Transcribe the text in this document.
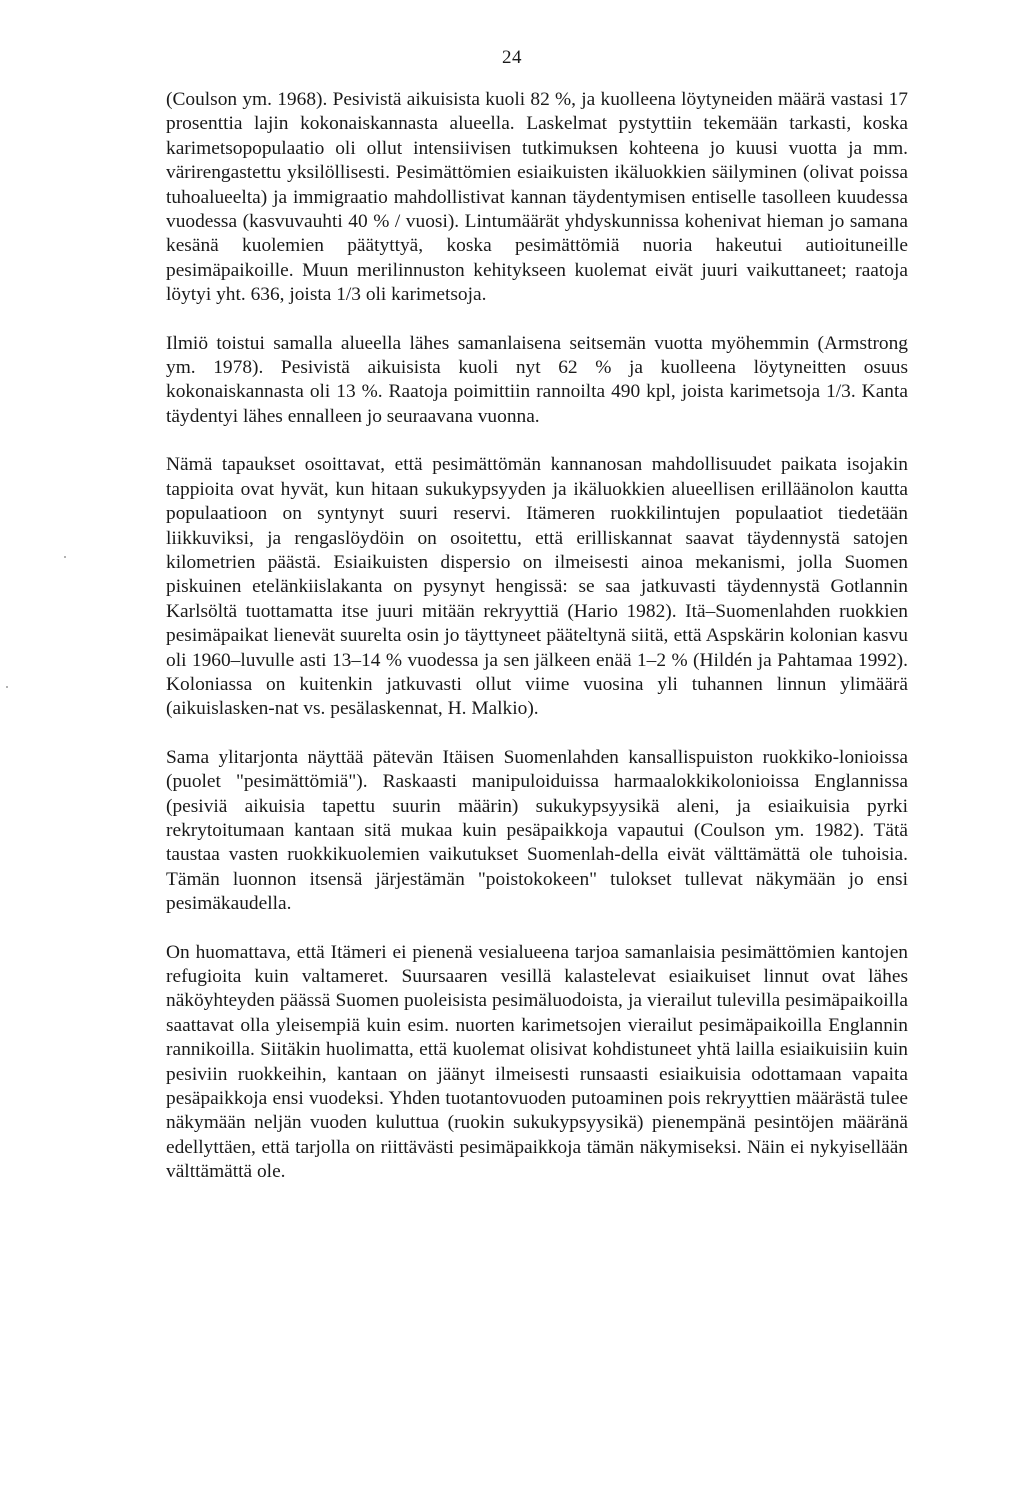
24

(Coulson ym. 1968). Pesivistä aikuisista kuoli 82 %, ja kuolleena löytyneiden määrä vastasi 17 prosenttia lajin kokonaiskannasta alueella. Laskelmat pystyttiin tekemään tarkasti, koska karimetsopopulaatio oli ollut intensiivisen tutkimuksen kohteena jo kuusi vuotta ja mm. värirengastettu yksilöllisesti. Pesimättömien esiaikuisten ikäluokkien säilyminen (olivat poissa tuhoalueelta) ja immigraatio mahdollistivat kannan täydentymisen entiselle tasolleen kuudessa vuodessa (kasvuvauhti 40 % / vuosi). Lintumäärät yhdyskunnissa kohenivat hieman jo samana kesänä kuolemien päätyttyä, koska pesimättömiä nuoria hakeutui autioituneille pesimäpaikoille. Muun merilinnuston kehitykseen kuolemat eivät juuri vaikuttaneet; raatoja löytyi yht. 636, joista 1/3 oli karimetsoja.

Ilmiö toistui samalla alueella lähes samanlaisena seitsemän vuotta myöhemmin (Armstrong ym. 1978). Pesivistä aikuisista kuoli nyt 62 % ja kuolleena löytyneitten osuus kokonaiskannasta oli 13 %. Raatoja poimittiin rannoilta 490 kpl, joista karimetsoja 1/3. Kanta täydentyi lähes ennalleen jo seuraavana vuonna.

Nämä tapaukset osoittavat, että pesimättömän kannanosan mahdollisuudet paikata isojakin tappioita ovat hyvät, kun hitaan sukukypsyyden ja ikäluokkien alueellisen erilläänolon kautta populaatioon on syntynyt suuri reservi. Itämeren ruokkilintujen populaatiot tiedetään liikkuviksi, ja rengaslöydöin on osoitettu, että erilliskannat saavat täydennystä satojen kilometrien päästä. Esiaikuisten dispersio on ilmeisesti ainoa mekanismi, jolla Suomen piskuinen etelänkiislakanta on pysynyt hengissä: se saa jatkuvasti täydennystä Gotlannin Karlsöltä tuottamatta itse juuri mitään rekryyttiä (Hario 1982). Itä–Suomenlahden ruokkien pesimäpaikat lienevät suurelta osin jo täyttyneet pääteltynä siitä, että Aspskärin kolonian kasvu oli 1960–luvulle asti 13–14 % vuodessa ja sen jälkeen enää 1–2 % (Hildén ja Pahtamaa 1992). Koloniassa on kuitenkin jatkuvasti ollut viime vuosina yli tuhannen linnun ylimäärä (aikuislasken-nat vs. pesälaskennat, H. Malkio).

Sama ylitarjonta näyttää pätevän Itäisen Suomenlahden kansallispuiston ruokkiko-lonioissa (puolet "pesimättömiä"). Raskaasti manipuloiduissa harmaalokkikolonioissa Englannissa (pesiviä aikuisia tapettu suurin määrin) sukukypsyysikä aleni, ja esiaikuisia pyrki rekrytoitumaan kantaan sitä mukaa kuin pesäpaikkoja vapautui (Coulson ym. 1982). Tätä taustaa vasten ruokkikuolemien vaikutukset Suomenlah-della eivät välttämättä ole tuhoisia. Tämän luonnon itsensä järjestämän "poistokokeen" tulokset tullevat näkymään jo ensi pesimäkaudella.

On huomattava, että Itämeri ei pienenä vesialueena tarjoa samanlaisia pesimättömien kantojen refugioita kuin valtameret. Suursaaren vesillä kalastelevat esiaikuiset linnut ovat lähes näköyhteyden päässä Suomen puoleisista pesimäluodoista, ja vierailut tulevilla pesimäpaikoilla saattavat olla yleisempiä kuin esim. nuorten karimetsojen vierailut pesimäpaikoilla Englannin rannikoilla. Siitäkin huolimatta, että kuolemat olisivat kohdistuneet yhtä lailla esiaikuisiin kuin pesiviin ruokkeihin, kantaan on jäänyt ilmeisesti runsaasti esiaikuisia odottamaan vapaita pesäpaikkoja ensi vuodeksi. Yhden tuotantovuoden putoaminen pois rekryyttien määrästä tulee näkymään neljän vuoden kuluttua (ruokin sukukypsyysikä) pienempänä pesintöjen määränä edellyttäen, että tarjolla on riittävästi pesimäpaikkoja tämän näkymiseksi. Näin ei nykyisellään välttämättä ole.
